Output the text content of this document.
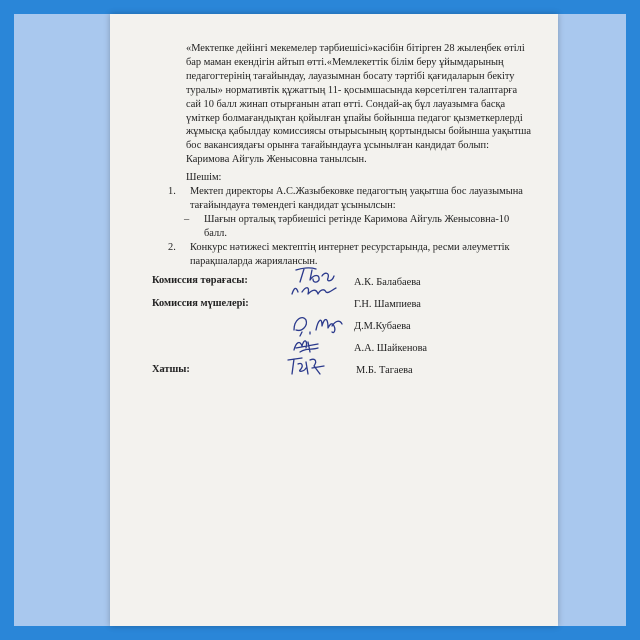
«Мектепке дейінгі мекемелер тәрбиешісі»кәсібін бітірген 28 жылеңбек өтілі бар маман екендігін айтып өтті.«Мемлекеттік білім беру ұйымдарының педагогтерінің тағайындау, лауазымнан босату тәртібі қағидаларын бекіту туралы» нормативтік құжаттың 11- қосымшасында көрсетілген талаптарға сай 10 балл жинап отырғанын атап өтті. Сондай-ақ бұл лауазымға басқа үміткер болмағандықтан қойылған ұпайы бойынша педагог қызметкерлерді жұмысқа қабылдау комиссиясы отырысының қортындысы бойынша уақытша бос вакансиядағы орынға тағайындауға ұсынылған кандидат болып: Каримова Айгуль Женысовна танылсын.
Шешім:
1. Мектеп директоры А.С.Жазыбековке педагогтың уақытша бос лауазымына тағайындауға төмендегі кандидат ұсынылсын:
– Шағын орталық тәрбиешісі ретінде Каримова Айгуль Женысовна-10 балл.
2. Конкурс нәтижесі мектептің интернет ресурстарында, ресми әлеуметтік парақшаларда жариялансын.
Комиссия төрағасы:	А.К. Балабаева
Комиссия мүшелері:	Г.Н. Шампиева
Д.М.Кубаева
А.А. Шайкенова
Хатшы:	М.Б. Тагаева
